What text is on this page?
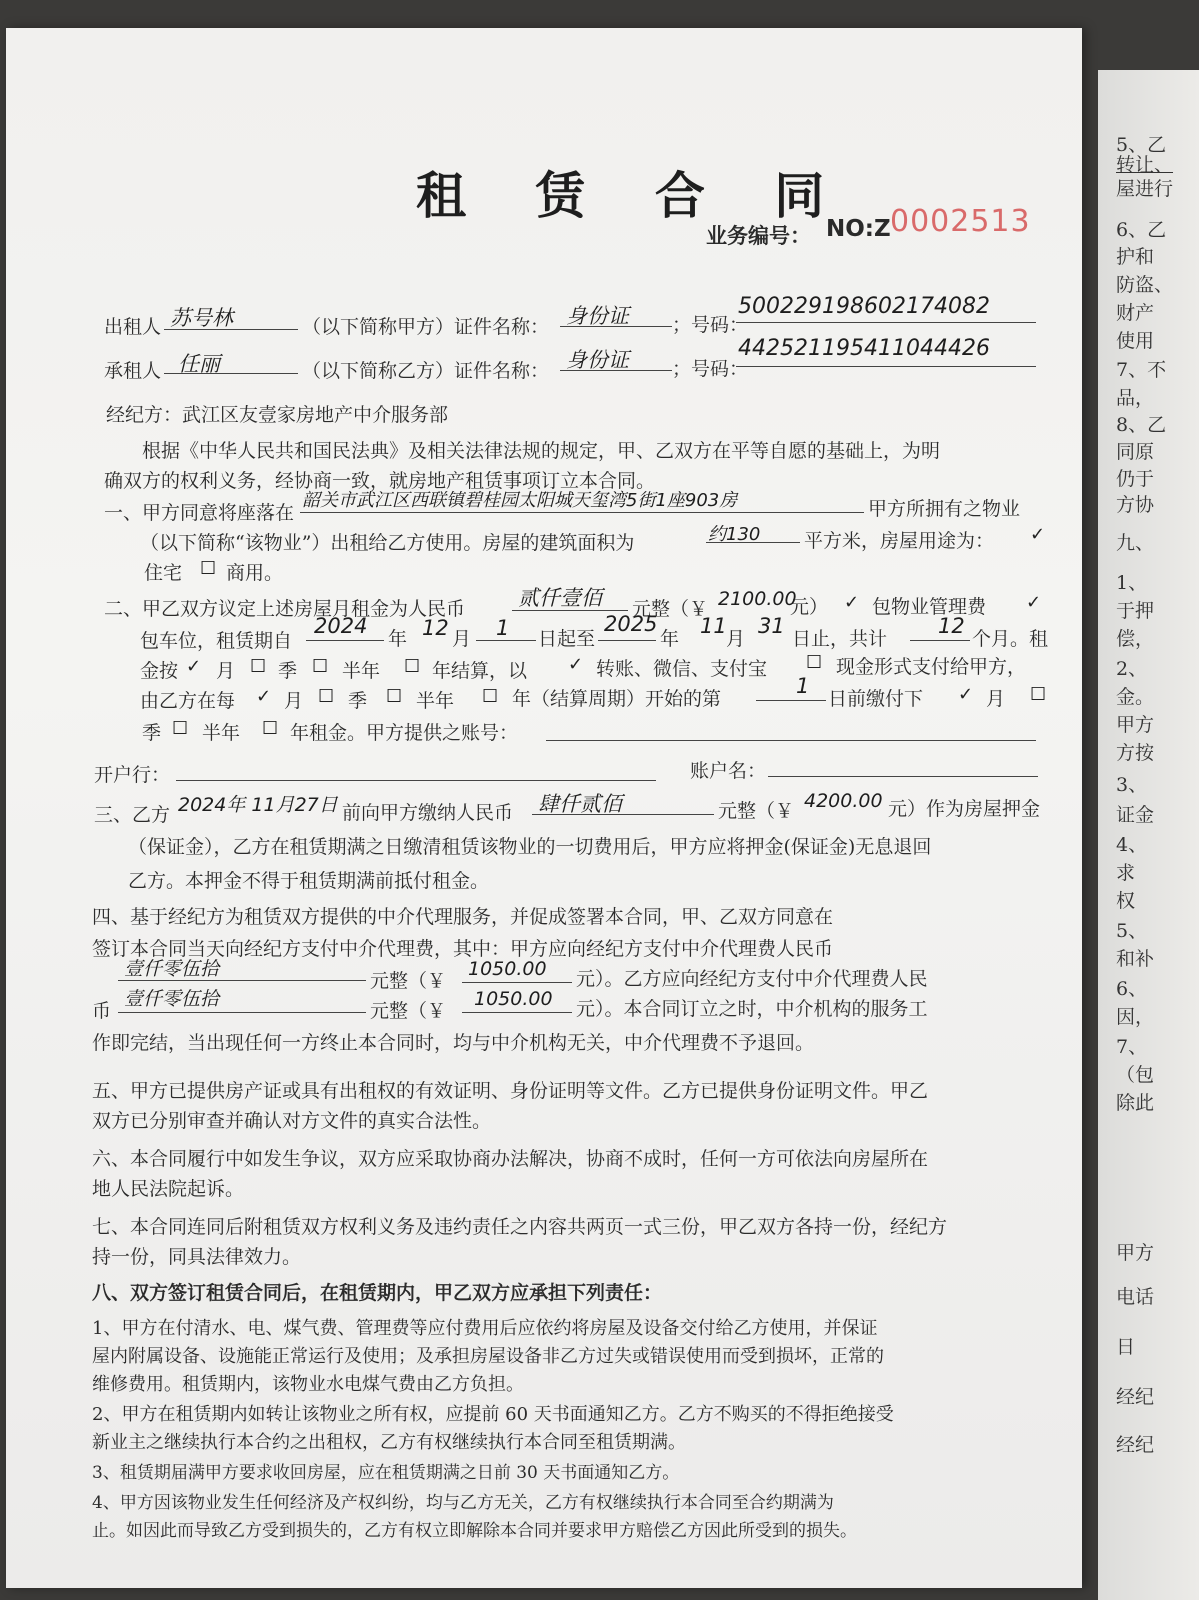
5、乙
转让、
屋进行
6、乙
护和
防盗、
财产
使用
7、不
品，
8、乙
同原
仍于
方协
九、
1、
于押
偿，
2、
金。
甲方
方按
3、
证金
4、
求
权
5、
和补
6、
因，
7、
（包
除此
甲方
电话
日
经纪
经纪
租 赁 合 同
业务编号： NO:Z 0002513
出租人 苏号林	（以下简称甲方）证件名称： 身份证 ；号码：
500229198602174082
承租人 任丽	（以下简称乙方）证件名称： 身份证 ；号码：
442521195411044426
经纪方：武江区友壹家房地产中介服务部
根据《中华人民共和国民法典》及相关法律法规的规定，甲、乙双方在平等自愿的基础上，为明
确双方的权利义务，经协商一致，就房地产租赁事项订立本合同。
一、甲方同意将座落在
韶关市武江区西联镇碧桂园太阳城天玺湾5街1座903房	甲方所拥有之物业
（以下简称“该物业”）出租给乙方使用。房屋的建筑面积为	约130 平方米，房屋用途为： ✓
住宅 ☐ 商用。
二、甲乙双方议定上述房屋月租金为人民币	贰仟壹佰 元整（￥ 2100.00
元） ✓ 包物业管理费 ✓
包车位，租赁期自
2024
年 12 月 1 日起至
2025
年
11
月
31
日止，共计
12
个月。租
金按 ✓ 月 ☐ 季 ☐ 半年 ☐ 年结算，以 ✓ 转账、微信、支付宝 ☐ 现金形式支付给甲方，
由乙方在每 ✓ 月 ☐ 季 ☐ 半年 ☐ 年（结算周期）开始的第
1
日前缴付下 ✓ 月 ☐
季 ☐ 半年 ☐ 年租金。甲方提供之账号：
开户行：	账户名：
三、乙方 2024年 11月27日 前向甲方缴纳人民币 肆仟贰佰	元整（￥ 4200.00 元）作为房屋押金
（保证金），乙方在租赁期满之日缴清租赁该物业的一切费用后，甲方应将押金(保证金)无息退回
乙方。本押金不得于租赁期满前抵付租金。
四、基于经纪方为租赁双方提供的中介代理服务，并促成签署本合同，甲、乙双方同意在
签订本合同当天向经纪方支付中介代理费，其中：甲方应向经纪方支付中介代理费人民币
壹仟零伍拾
元整（￥
1050.00 元）。乙方应向经纪方支付中介代理费人民
币
壹仟零伍拾
元整（￥
1050.00 元）。本合同订立之时，中介机构的服务工
作即完结，当出现任何一方终止本合同时，均与中介机构无关，中介代理费不予退回。
五、甲方已提供房产证或具有出租权的有效证明、身份证明等文件。乙方已提供身份证明文件。甲乙
双方已分别审查并确认对方文件的真实合法性。
六、本合同履行中如发生争议，双方应采取协商办法解决，协商不成时，任何一方可依法向房屋所在
地人民法院起诉。
七、本合同连同后附租赁双方权利义务及违约责任之内容共两页一式三份，甲乙双方各持一份，经纪方
持一份，同具法律效力。
八、双方签订租赁合同后，在租赁期内，甲乙双方应承担下列责任：
1、甲方在付清水、电、煤气费、管理费等应付费用后应依约将房屋及设备交付给乙方使用，并保证
屋内附属设备、设施能正常运行及使用；及承担房屋设备非乙方过失或错误使用而受到损坏，正常的
维修费用。租赁期内，该物业水电煤气费由乙方负担。
2、甲方在租赁期内如转让该物业之所有权，应提前 60 天书面通知乙方。乙方不购买的不得拒绝接受
新业主之继续执行本合约之出租权，乙方有权继续执行本合同至租赁期满。
3、租赁期届满甲方要求收回房屋，应在租赁期满之日前 30 天书面通知乙方。
4、甲方因该物业发生任何经济及产权纠纷，均与乙方无关，乙方有权继续执行本合同至合约期满为
止。如因此而导致乙方受到损失的，乙方有权立即解除本合同并要求甲方赔偿乙方因此所受到的损失。
